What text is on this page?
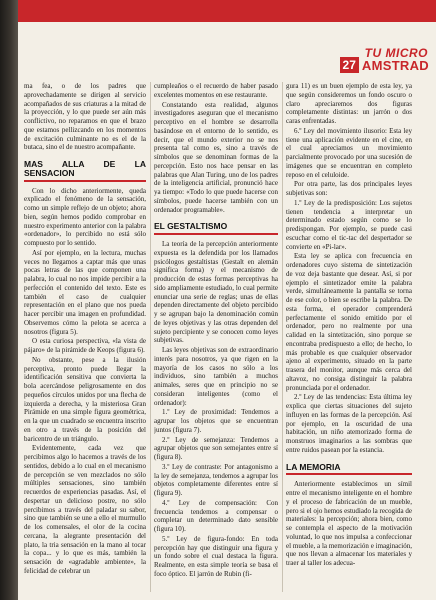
TU MICRO
27 AMSTRAD

ma fea, o de los padres que aprovechadamente se dirigen al servicio acompañados de sus criaturas a la mitad de la proyección, y lo que puede ser aún más conflictivo, no reparamos en que el brazo que estamos pellizcando en los momentos de excitación culminante no es el de la butaca, sino el de nuestro acompañante.

MAS ALLA DE LA SENSACION

Con lo dicho anteriormente, queda explicado el fenómeno de la sensación, como un simple reflejo de un objeto; ahora bien, según hemos podido comprobar en nuestro experimento anterior con la palabra «ordenador», lo percibido no está sólo compuesto por lo sentido.

Así por ejemplo, en la lectura, muchas veces no llegamos a captar más que unas pocas letras de las que componen una palabra, lo cual no nos impide percibir a la perfección el contenido del texto. Este es también el caso de cualquier representación en el plano que nos pueda hacer percibir una imagen en profundidad. Observemos cómo la pelota se acerca a nosotros (figura 5).

O esta curiosa perspectiva, «la vista de pájaro» de la pirámide de Keops (figura 6).

No obstante, pese a la ilusión perceptiva, pronto puede llegar la identificación sensitiva que convierta la bola acercándose peligrosamente en dos pequeños círculos unidos por una flecha de izquierda a derecha, y la misteriosa Gran Pirámide en una simple figura geométrica, en la que un cuadrado se encuentra inscrito en otro a través de la posición del baricentro de un triángulo.

Evidentemente, cada vez que percibimos algo lo hacemos a través de los sentidos, debido a lo cual en el mecanismo de percepción se ven mezclados no sólo múltiples sensaciones, sino también recuerdos de experiencias pasadas. Así, el despertar un delicioso postre, no sólo percibimos a través del paladar su sabor, sino que también se une a ello el murmullo de los comensales, el olor de la cocina cercana, la alegrante presentación del plato, la tria sensación en la mano al tocar la copa... y lo que es más, también la sensación de «agradable ambiente», la felicidad de celebrar un

cumpleaños o el recuerdo de haber pasado excelentes momentos en ese restaurante.

Constatando esta realidad, algunos investigadores aseguran que el mecanismo perceptivo en el hombre se desarrolla basándose en el entorno de lo sentido, es decir, que el mundo exterior no se nos presenta tal como es, sino a través de símbolos que se denominan formas de la percepción. Esto nos hace pensar en las palabras que Alan Turing, uno de los padres de la inteligencia artificial, pronunció hace ya tiempo: «Todo lo que puede hacerse con símbolos, puede hacerse también con un ordenador programable».

EL GESTALTISMO

La teoría de la percepción anteriormente expuesta es la defendida por los llamados psicólogos gestaltistas (Gestalt en alemán significa forma) y el mecanismo de producción de estas formas perceptivas ha sido ampliamente estudiado, lo cual permite enunciar una serie de reglas; unas de ellas dependen directamente del objeto percibido y se agrupan bajo la denominación común de leyes objetivas y las otras dependen del sujeto percipiente y se conocen como leyes subjetivas.

Las leyes objetivas son de extraordinario interés para nosotros, ya que rigen en la mayoría de los casos no sólo a los individuos, sino también a muchos animales, seres que en principio no se consideran inteligentes (como el ordenador):

1.º Ley de proximidad: Tendemos a agrupar los objetos que se encuentran juntos (figura 7).

2.º Ley de semejanza: Tendemos a agrupar objetos que son semejantes entre sí (figura 8).

3.º Ley de contraste: Por antagonismo a la ley de semejanza, tendemos a agrupar los objetos completamente diferentes entre sí (figura 9).

4.º Ley de compensación: Con frecuencia tendemos a compensar o completar un determinado dato sensible (figura 10).

5.º Ley de figura-fondo: En toda percepción hay que distinguir una figura y un fondo sobre el cual destaca la figura. Realmente, en esta simple teoría se basa el foco óptico. El jarrón de Rubin (fi-

gura 11) es un buen ejemplo de esta ley, ya que según consideremos un fondo oscuro o claro apreciaremos dos figuras completamente distintas: un jarrón o dos caras enfrentadas.

6.º Ley del movimiento ilusorio: Esta ley tiene una aplicación evidente en el cine, en el cual apreciamos un movimiento parcialmente provocado por una sucesión de imágenes que se encuentran en completo reposo en el celuloide.

Por otra parte, las dos principales leyes subjetivas son:

1.º Ley de la predisposición: Los sujetos tienen tendencia a interpretar un determinado estado según como se lo predispongan. Por ejemplo, se puede casi escuchar como el tic-tac del despertador se convierte en «Pi-lar».

Esta ley se aplica con frecuencia en ordenadores cuyo sistema de sintetización de voz deja bastante que desear. Así, si por ejemplo el sintetizador emite la palabra verde, simultáneamente la pantalla se torna de ese color, o bien se escribe la palabra. De esta forma, el operador comprenderá perfectamente el sonido emitido por el ordenador, pero no realmente por una calidad en la sintetización, sino porque se encontraba predispuesto a ello; de hecho, lo más probable es que cualquier observador ajeno al experimento, situado en la parte trasera del monitor, aunque más cerca del altavoz, no consiga distinguir la palabra pronunciada por el ordenador.

2.º Ley de las tendencias: Esta última ley explica que ciertas situaciones del sujeto influyen en las formas de la percepción. Así por ejemplo, en la oscuridad de una habitación, un niño atemorizado forma de monstruos imaginarios a las sombras que entre ruidos pasean por la estancia.

LA MEMORIA

Anteriormente establecimos un símil entre el mecanismo inteligente en el hombre y el proceso de fabricación de un mueble, pero si el ojo hemos estudiado la recogida de materiales: la percepción; ahora bien, como se contempla el aspecto de la motivación voluntad, lo que nos impulsa a confeccionar el mueble, a la memorización e imaginación, que nos llevan a almacenar los materiales y traer al taller los adecua-
